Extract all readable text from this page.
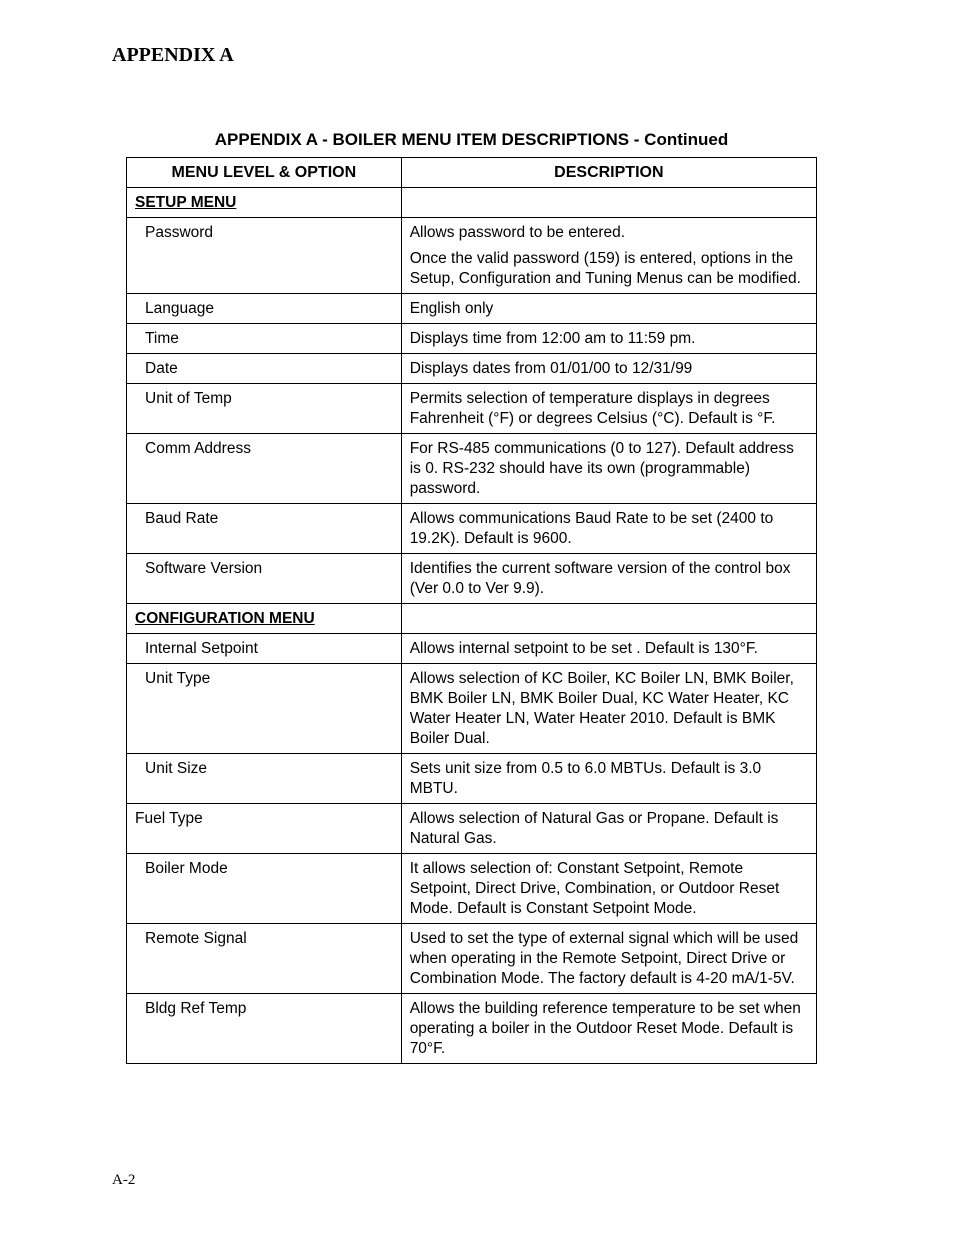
APPENDIX A
APPENDIX A - BOILER MENU ITEM DESCRIPTIONS - Continued
MENU LEVEL & OPTION	DESCRIPTION
SETUP MENU	
Password	Allows password to be entered.

Once the valid password (159) is entered, options in the Setup, Configuration and Tuning Menus can be modified.

Language	English only

Time	Displays time from 12:00 am to 11:59 pm.

Date	Displays dates from 01/01/00 to 12/31/99

Unit of Temp	Permits selection of temperature displays in degrees Fahrenheit (°F) or degrees Celsius (°C). Default is °F.

Comm Address	For RS-485 communications (0 to 127). Default address is 0. RS-232 should have its own (programmable) password.

Baud Rate	Allows communications Baud Rate to be set (2400 to 19.2K). Default is 9600.

Software Version	Identifies the current software version of the control box (Ver 0.0 to Ver 9.9).

CONFIGURATION MENU	
Internal Setpoint	Allows internal setpoint to be set . Default is 130°F.

Unit Type	Allows selection of KC Boiler, KC Boiler LN, BMK Boiler, BMK Boiler LN, BMK Boiler Dual, KC Water Heater, KC Water Heater LN, Water Heater 2010. Default is BMK Boiler Dual.

Unit Size	Sets unit size from 0.5 to 6.0 MBTUs. Default is 3.0 MBTU.

Fuel Type	Allows selection of Natural Gas or Propane. Default is Natural Gas.

Boiler Mode	It allows selection of: Constant Setpoint, Remote Setpoint, Direct Drive, Combination, or Outdoor Reset Mode. Default is Constant Setpoint Mode.

Remote Signal	Used to set the type of external signal which will be used when operating in the Remote Setpoint, Direct Drive or Combination Mode. The factory default is 4-20 mA/1-5V.

Bldg Ref Temp	Allows the building reference temperature to be set when operating a boiler in the Outdoor Reset Mode. Default is 70°F.

A-2
